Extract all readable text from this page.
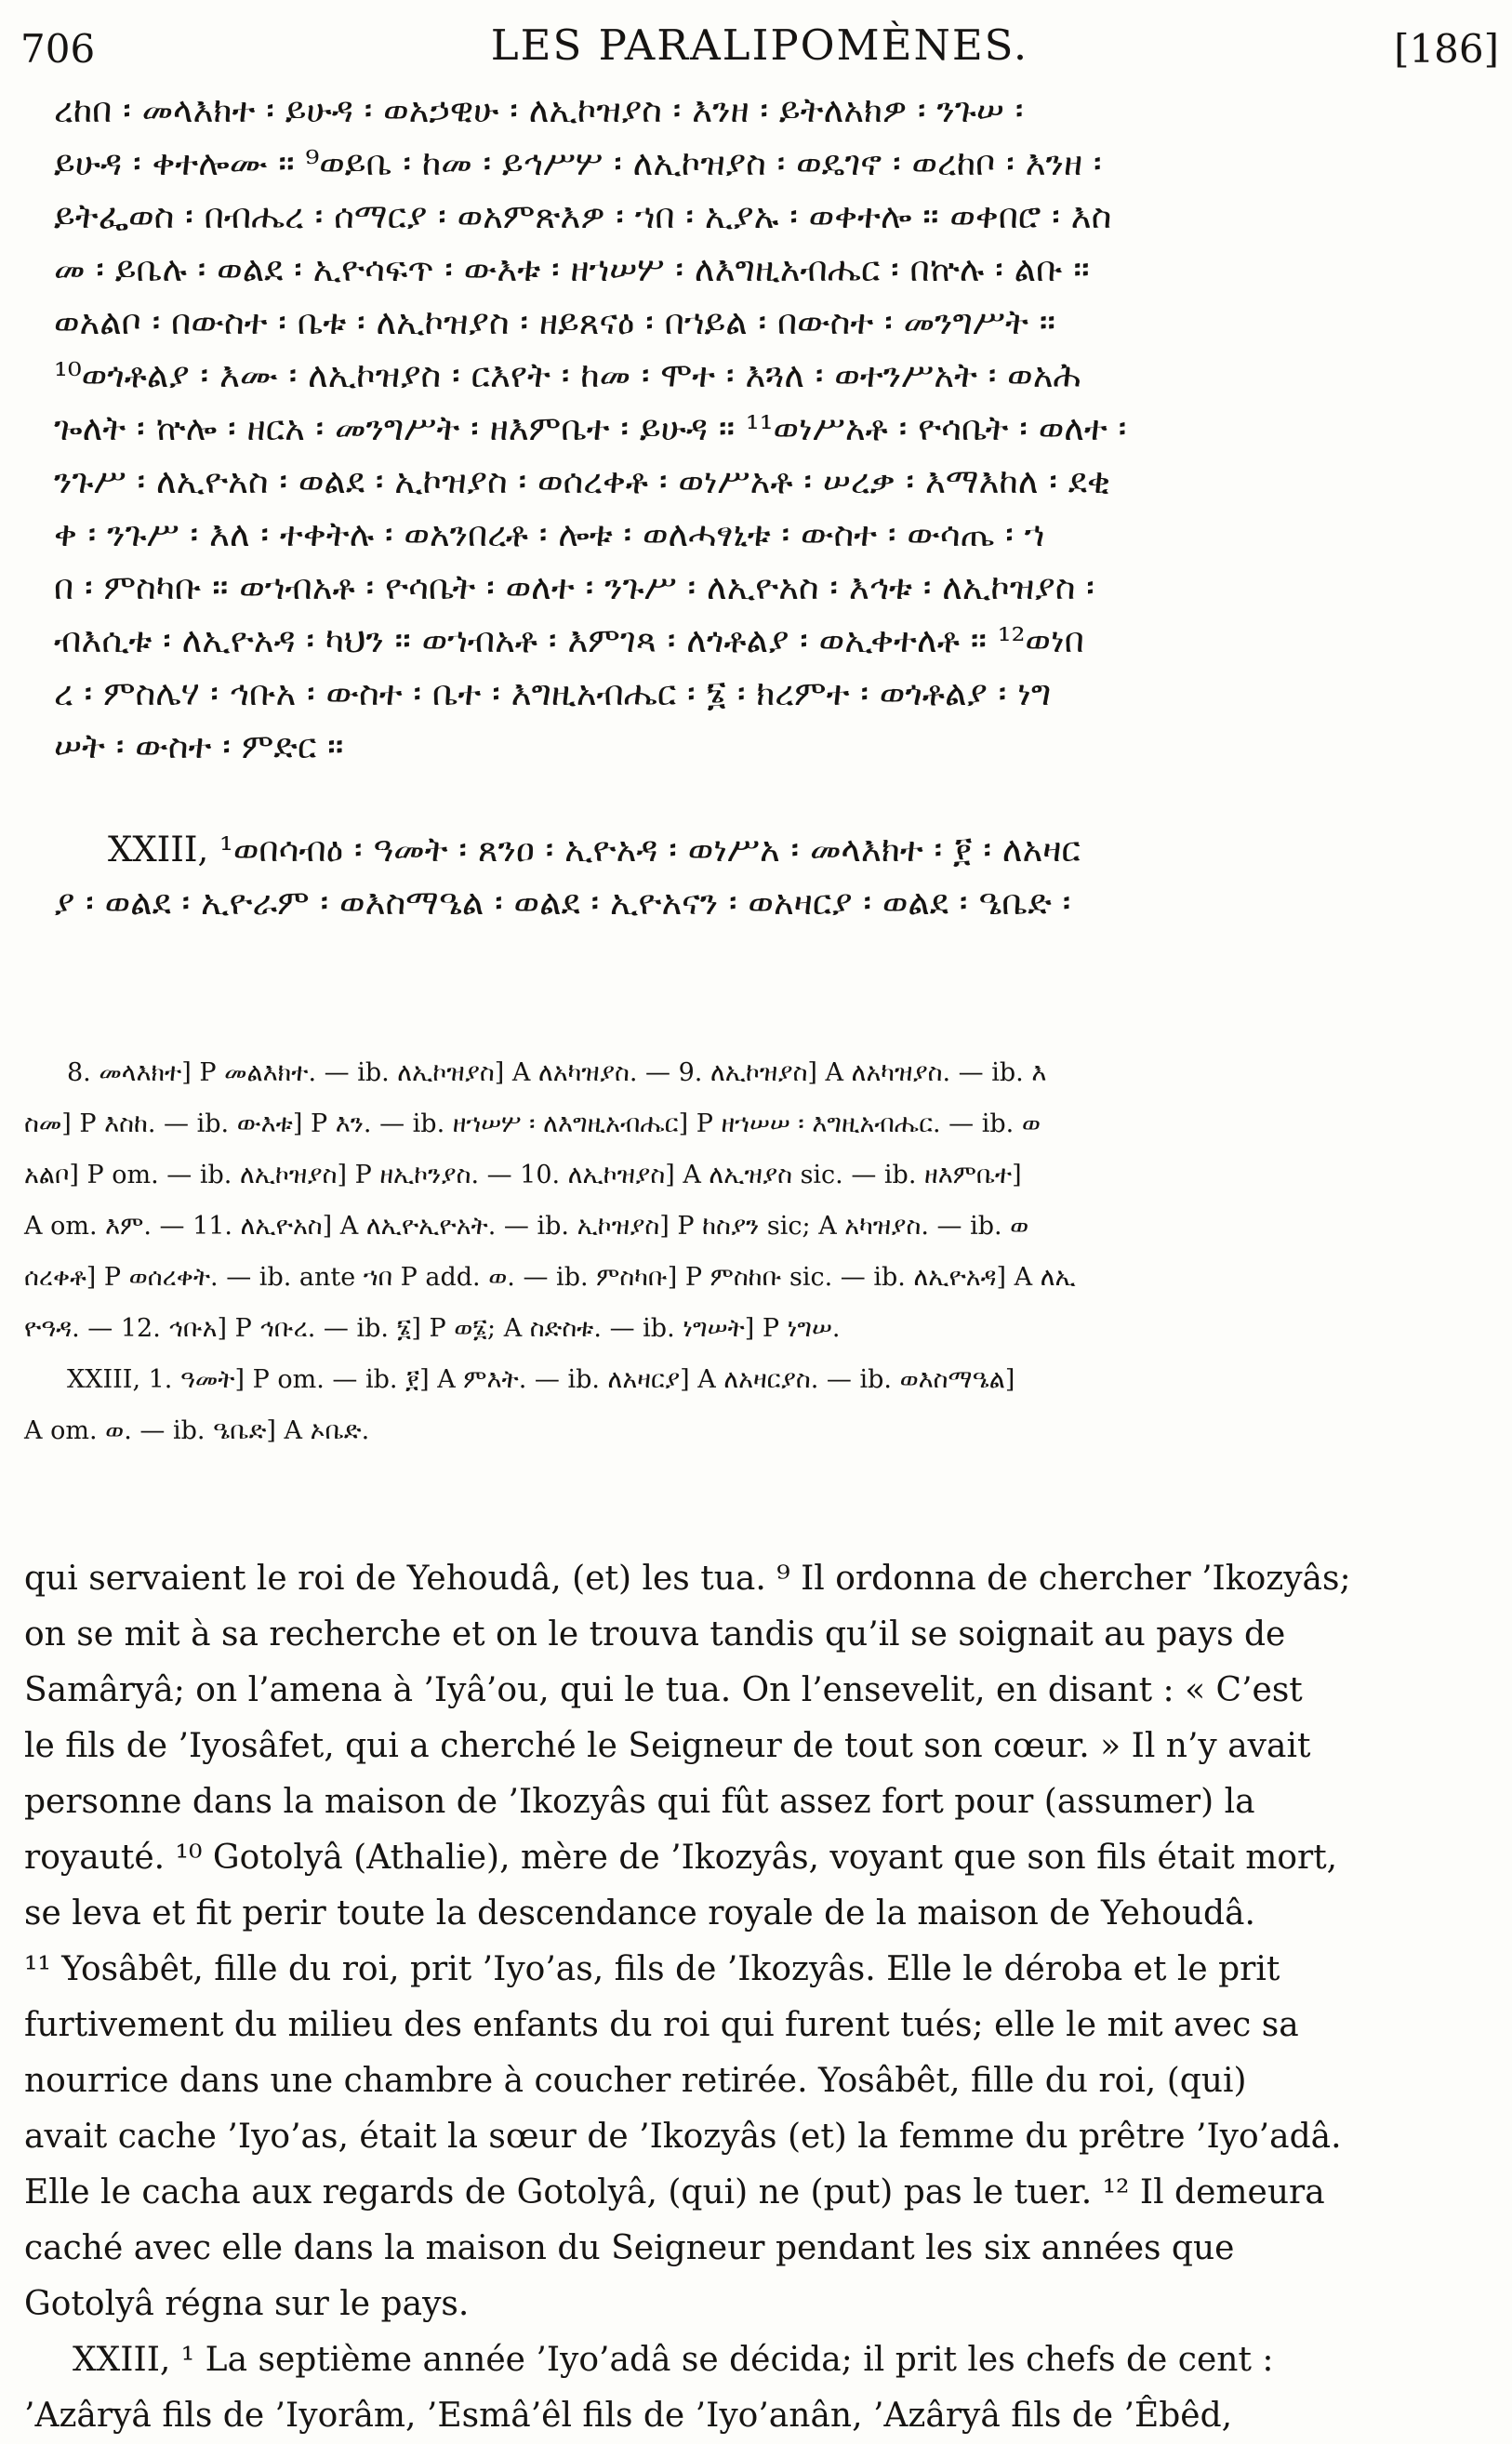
706	LES PARALIPOMÈNES.	[186]
ረከበ ፡ መላእክተ ፡ ይሁዳ ፡ ወአኃዊሁ ፡ ለኢኮዝያስ ፡ እንዘ ፡ ይትለአክዎ ፡ ንጉሠ ፡
ይሁዳ ፡ ቀተሎሙ ። ⁹ወይቤ ፡ ከመ ፡ ይኅሥሦ ፡ ለኢኮዝያስ ፡ ወዴገኖ ፡ ወረከቦ ፡ እንዘ ፡
ይትፌወስ ፡ በብሔረ ፡ ሰማርያ ፡ ወአምጽእዎ ፡ ኀበ ፡ ኢያኡ ፡ ወቀተሎ ። ወቀበሮ ፡ እስ
መ ፡ ይቤሉ ፡ ወልደ ፡ ኢዮሳፍጥ ፡ ውእቱ ፡ ዘኀሠሦ ፡ ለእግዚአብሔር ፡ በኵሉ ፡ ልቡ ።
ወአልቦ ፡ በውስተ ፡ ቤቱ ፡ ለኢኮዝያስ ፡ ዘይጸናዕ ፡ በኀይል ፡ በውስተ ፡ መንግሥት ።
¹⁰ወጎቶልያ ፡ እሙ ፡ ለኢኮዝያስ ፡ ርእየት ፡ ከመ ፡ ሞተ ፡ እጓለ ፡ ወተንሥአት ፡ ወአሕ
ጐለት ፡ ኵሎ ፡ ዘርአ ፡ መንግሥት ፡ ዘእምቤተ ፡ ይሁዳ ። ¹¹ወነሥአቶ ፡ ዮሳቤት ፡ ወለተ ፡
ንጉሥ ፡ ለኢዮአስ ፡ ወልደ ፡ ኢኮዝያስ ፡ ወሰረቀቶ ፡ ወነሥአቶ ፡ ሠረቃ ፡ እማእከለ ፡ ደቂ
ቀ ፡ ንጉሥ ፡ እለ ፡ ተቀትሉ ፡ ወአንበረቶ ፡ ሎቱ ፡ ወለሓፃኒቱ ፡ ውስተ ፡ ውሳጤ ፡ ኀ
በ ፡ ምስካቡ ። ወኀብአቶ ፡ ዮሳቤት ፡ ወለተ ፡ ንጉሥ ፡ ለኢዮአስ ፡ እኅቱ ፡ ለኢኮዝያስ ፡
ብእሲቱ ፡ ለኢዮአዳ ፡ ካህን ። ወኀብአቶ ፡ እምገጻ ፡ ለጎቶልያ ፡ ወኢቀተለቶ ። ¹²ወነበ
ረ ፡ ምስሌሃ ፡ ኅቡአ ፡ ውስተ ፡ ቤተ ፡ እግዚአብሔር ፡ ፮ ፡ ክረምተ ፡ ወጎቶልያ ፡ ነግ
ሠት ፡ ውስተ ፡ ምድር ።
XXIII, ¹ወበሳብዕ ፡ ዓመት ፡ ጸንዐ ፡ ኢዮአዳ ፡ ወነሥአ ፡ መላእክተ ፡ ፻ ፡ ለአዛር
ያ ፡ ወልደ ፡ ኢዮራም ፡ ወእስማዔል ፡ ወልደ ፡ ኢዮአናን ፡ ወአዛርያ ፡ ወልደ ፡ ዔቤድ ፡
8. መላእክተ] P መልእክተ. — ib. ለኢኮዝያስ] A ለአካዝያስ. — 9. ለኢኮዝያስ] A ለአካዝያስ. — ib. እ
ስመ] P እስከ. — ib. ውእቱ] P እን. — ib. ዘኀሠሦ ፡ ለእግዚአብሔር] P ዘኀሠሠ ፡ እግዚአብሔር. — ib. ወ
አልቦ] P om. — ib. ለኢኮዝያስ] P ዘኢኮንያስ. — 10. ለኢኮዝያስ] A ለኢዝያስ sic. — ib. ዘእምቤተ]
A om. እም. — 11. ለኢዮአስ] A ለኢዮኢዮአት. — ib. ኢኮዝያስ] P ከስያን sic; A አካዝያስ. — ib. ወ
ሰረቀቶ] P ወሰረቀት. — ib. ante ኀበ P add. ወ. — ib. ምስካቡ] P ምስከቡ sic. — ib. ለኢዮአዳ] A ለኢ
ዮዓዳ. — 12. ኅቡአ] P ኅቡረ. — ib. ፮] P ወ፮; A ስድስቱ. — ib. ነግሠት] P ነግሠ.
XXIII, 1. ዓመት] P om. — ib. ፻] A ምእት. — ib. ለአዛርያ] A ለአዛርያስ. — ib. ወእስማዔል]
A om. ወ. — ib. ዔቤድ] A ኦቤድ.
qui servaient le roi de Yehoudâ, (et) les tua. ⁹ Il ordonna de chercher ’Ikozyâs;
on se mit à sa recherche et on le trouva tandis qu’il se soignait au pays de
Samâryâ; on l’amena à ’Iyâ’ou, qui le tua. On l’ensevelit, en disant : « C’est
le fils de ’Iyosâfet, qui a cherché le Seigneur de tout son cœur. » Il n’y avait
personne dans la maison de ’Ikozyâs qui fût assez fort pour (assumer) la
royauté. ¹⁰ Gotolyâ (Athalie), mère de ’Ikozyâs, voyant que son fils était mort,
se leva et fit perir toute la descendance royale de la maison de Yehoudâ.
¹¹ Yosâbêt, fille du roi, prit ’Iyo’as, fils de ’Ikozyâs. Elle le déroba et le prit
furtivement du milieu des enfants du roi qui furent tués; elle le mit avec sa
nourrice dans une chambre à coucher retirée. Yosâbêt, fille du roi, (qui)
avait cache ’Iyo’as, était la sœur de ’Ikozyâs (et) la femme du prêtre ’Iyo’adâ.
Elle le cacha aux regards de Gotolyâ, (qui) ne (put) pas le tuer. ¹² Il demeura
caché avec elle dans la maison du Seigneur pendant les six années que
Gotolyâ régna sur le pays.
XXIII, ¹ La septième année ’Iyo’adâ se décida; il prit les chefs de cent :
’Azâryâ fils de ’Iyorâm, ’Esmâ’êl fils de ’Iyo’anân, ’Azâryâ fils de ’Êbêd,
